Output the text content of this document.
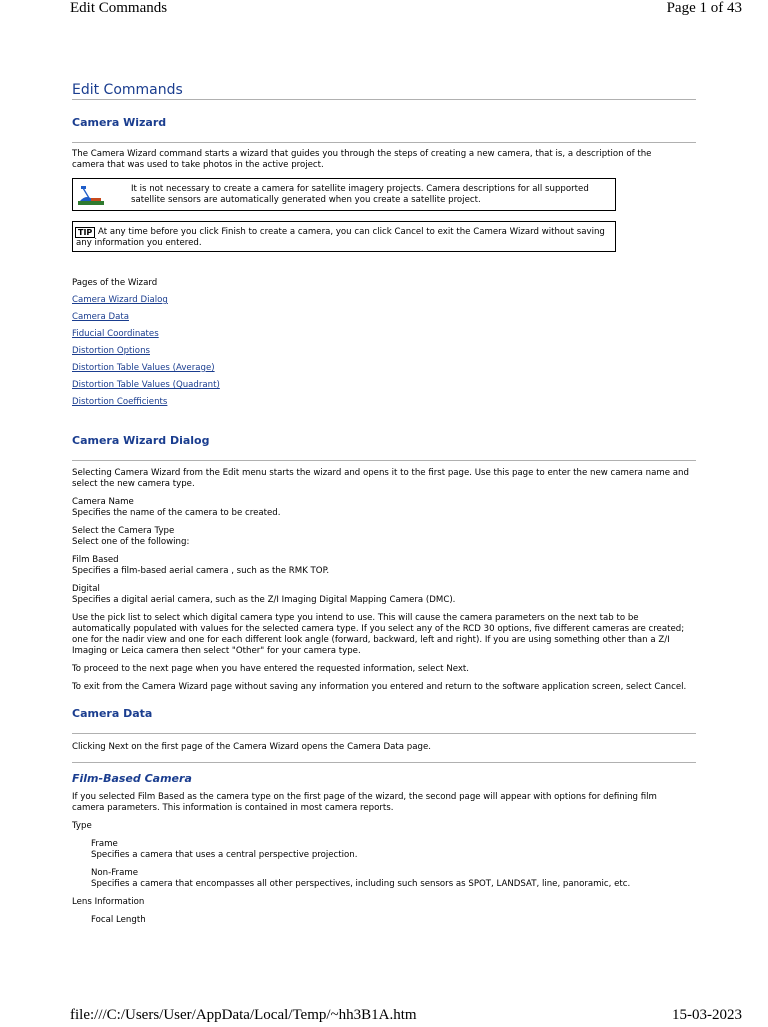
Edit Commands	Page 1 of 43
Edit Commands
Camera Wizard

The Camera Wizard command starts a wizard that guides you through the steps of creating a new camera, that is, a description of the camera that was used to take photos in the active project.

It is not necessary to create a camera for satellite imagery projects. Camera descriptions for all supported satellite sensors are automatically generated when you create a satellite project.

TIP At any time before you click Finish to create a camera, you can click Cancel to exit the Camera Wizard without saving any information you entered.

Pages of the Wizard

Camera Wizard Dialog
Camera Data
Fiducial Coordinates
Distortion Options
Distortion Table Values (Average)
Distortion Table Values (Quadrant)
Distortion Coefficients
Camera Wizard Dialog

Selecting Camera Wizard from the Edit menu starts the wizard and opens it to the first page. Use this page to enter the new camera name and select the new camera type.

Camera Name

Specifies the name of the camera to be created.

Select the Camera Type

Select one of the following:

Film Based

Specifies a film-based aerial camera , such as the RMK TOP.

Digital

Specifies a digital aerial camera, such as the Z/I Imaging Digital Mapping Camera (DMC).

Use the pick list to select which digital camera type you intend to use. This will cause the camera parameters on the next tab to be automatically populated with values for the selected camera type. If you select any of the RCD 30 options, five different cameras are created; one for the nadir view and one for each different look angle (forward, backward, left and right). If you are using something other than a Z/I Imaging or Leica camera then select "Other" for your camera type.

To proceed to the next page when you have entered the requested information, select Next.

To exit from the Camera Wizard page without saving any information you entered and return to the software application screen, select Cancel.

Camera Data

Clicking Next on the first page of the Camera Wizard opens the Camera Data page.

Film-Based Camera

If you selected Film Based as the camera type on the first page of the wizard, the second page will appear with options for defining film camera parameters. This information is contained in most camera reports.

Type

Frame

Specifies a camera that uses a central perspective projection.

Non-Frame

Specifies a camera that encompasses all other perspectives, including such sensors as SPOT, LANDSAT, line, panoramic, etc.

Lens Information

Focal Length

file:///C:/Users/User/AppData/Local/Temp/~hh3B1A.htm	15-03-2023
